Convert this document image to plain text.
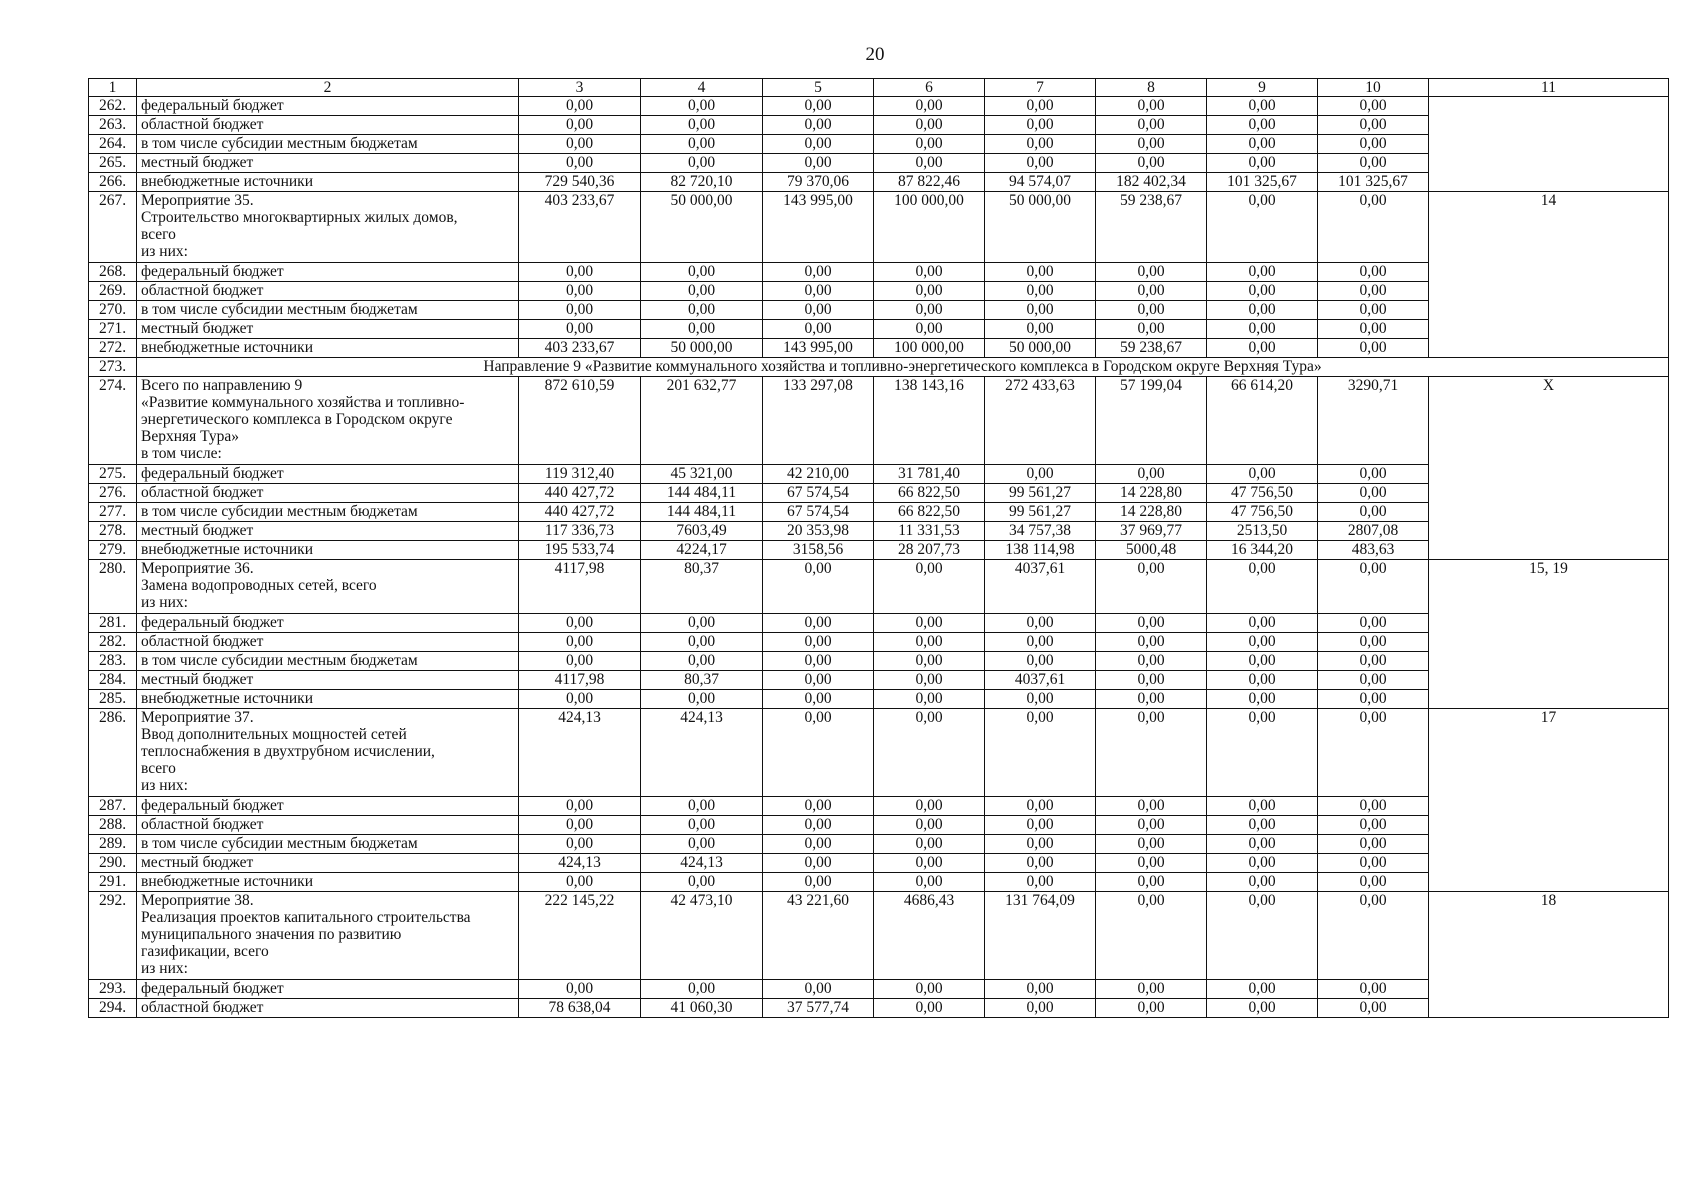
20
1	2	3	4	5	6	7	8	9	10	11
262.	федеральный бюджет	0,00	0,00	0,00	0,00	0,00	0,00	0,00	0,00	
263.	областной бюджет	0,00	0,00	0,00	0,00	0,00	0,00	0,00	0,00	
264.	в том числе субсидии местным бюджетам	0,00	0,00	0,00	0,00	0,00	0,00	0,00	0,00	
265.	местный бюджет	0,00	0,00	0,00	0,00	0,00	0,00	0,00	0,00	
266.	внебюджетные источники	729 540,36	82 720,10	79 370,06	87 822,46	94 574,07	182 402,34	101 325,67	101 325,67	
267.	Мероприятие 35.
Строительство многоквартирных жилых домов,
всего
из них:	403 233,67	50 000,00	143 995,00	100 000,00	50 000,00	59 238,67	0,00	0,00	14
268.	федеральный бюджет	0,00	0,00	0,00	0,00	0,00	0,00	0,00	0,00	
269.	областной бюджет	0,00	0,00	0,00	0,00	0,00	0,00	0,00	0,00	
270.	в том числе субсидии местным бюджетам	0,00	0,00	0,00	0,00	0,00	0,00	0,00	0,00	
271.	местный бюджет	0,00	0,00	0,00	0,00	0,00	0,00	0,00	0,00	
272.	внебюджетные источники	403 233,67	50 000,00	143 995,00	100 000,00	50 000,00	59 238,67	0,00	0,00	
273.	Направление 9 «Развитие коммунального хозяйства и топливно-энергетического комплекса в Городском округе Верхняя Тура»									
274.	Всего по направлению 9
«Развитие коммунального хозяйства и топливно-
энергетического комплекса в Городском округе
Верхняя Тура»
в том числе:	872 610,59	201 632,77	133 297,08	138 143,16	272 433,63	57 199,04	66 614,20	3290,71	Х
275.	федеральный бюджет	119 312,40	45 321,00	42 210,00	31 781,40	0,00	0,00	0,00	0,00	
276.	областной бюджет	440 427,72	144 484,11	67 574,54	66 822,50	99 561,27	14 228,80	47 756,50	0,00	
277.	в том числе субсидии местным бюджетам	440 427,72	144 484,11	67 574,54	66 822,50	99 561,27	14 228,80	47 756,50	0,00	
278.	местный бюджет	117 336,73	7603,49	20 353,98	11 331,53	34 757,38	37 969,77	2513,50	2807,08	
279.	внебюджетные источники	195 533,74	4224,17	3158,56	28 207,73	138 114,98	5000,48	16 344,20	483,63	
280.	Мероприятие 36.
Замена водопроводных сетей, всего
из них:	4117,98	80,37	0,00	0,00	4037,61	0,00	0,00	0,00	15, 19
281.	федеральный бюджет	0,00	0,00	0,00	0,00	0,00	0,00	0,00	0,00	
282.	областной бюджет	0,00	0,00	0,00	0,00	0,00	0,00	0,00	0,00	
283.	в том числе субсидии местным бюджетам	0,00	0,00	0,00	0,00	0,00	0,00	0,00	0,00	
284.	местный бюджет	4117,98	80,37	0,00	0,00	4037,61	0,00	0,00	0,00	
285.	внебюджетные источники	0,00	0,00	0,00	0,00	0,00	0,00	0,00	0,00	
286.	Мероприятие 37.
Ввод дополнительных мощностей сетей
теплоснабжения в двухтрубном исчислении,
всего
из них:	424,13	424,13	0,00	0,00	0,00	0,00	0,00	0,00	17
287.	федеральный бюджет	0,00	0,00	0,00	0,00	0,00	0,00	0,00	0,00	
288.	областной бюджет	0,00	0,00	0,00	0,00	0,00	0,00	0,00	0,00	
289.	в том числе субсидии местным бюджетам	0,00	0,00	0,00	0,00	0,00	0,00	0,00	0,00	
290.	местный бюджет	424,13	424,13	0,00	0,00	0,00	0,00	0,00	0,00	
291.	внебюджетные источники	0,00	0,00	0,00	0,00	0,00	0,00	0,00	0,00	
292.	Мероприятие 38.
Реализация проектов капитального строительства
муниципального значения по развитию
газификации, всего
из них:	222 145,22	42 473,10	43 221,60	4686,43	131 764,09	0,00	0,00	0,00	18
293.	федеральный бюджет	0,00	0,00	0,00	0,00	0,00	0,00	0,00	0,00	
294.	областной бюджет	78 638,04	41 060,30	37 577,74	0,00	0,00	0,00	0,00	0,00	
